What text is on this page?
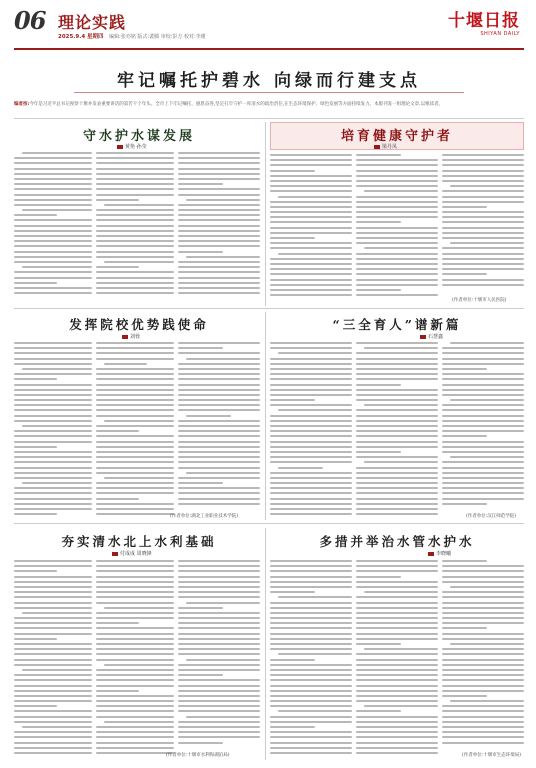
06 理论实践
2025.9.4 星期四 编辑:张亦铭 版式:裴腾 审校:彭方 校对:李瑾
十堰日报
SHIYAN DAILY
牢记嘱托护碧水 向绿而行建支点
编者按:今年是习近平总书记视察十堰并发表重要讲话的第若干个年头。全市上下牢记嘱托、感恩奋进,坚定扛牢守护一库清水的政治责任,在生态环境保护、绿色发展等方面持续发力。本版刊发一组理论文章,以飨读者。
守水护水谋发展
黄艳 孙莹
培育健康守护者
梁丹凤
(作者单位:十堰市人民医院)
发挥院校优势践使命
刘蓉
(作者单位:湖北工业职业技术学院)
“三全育人”谱新篇
石慧鑫
(作者单位:汉江师范学院)
夯实清水北上水利基础
付成成 周晓锋
(作者单位:十堰市水利和湖泊局)
多措并举治水管水护水
李晓曦
(作者单位:十堰市生态环境局)
